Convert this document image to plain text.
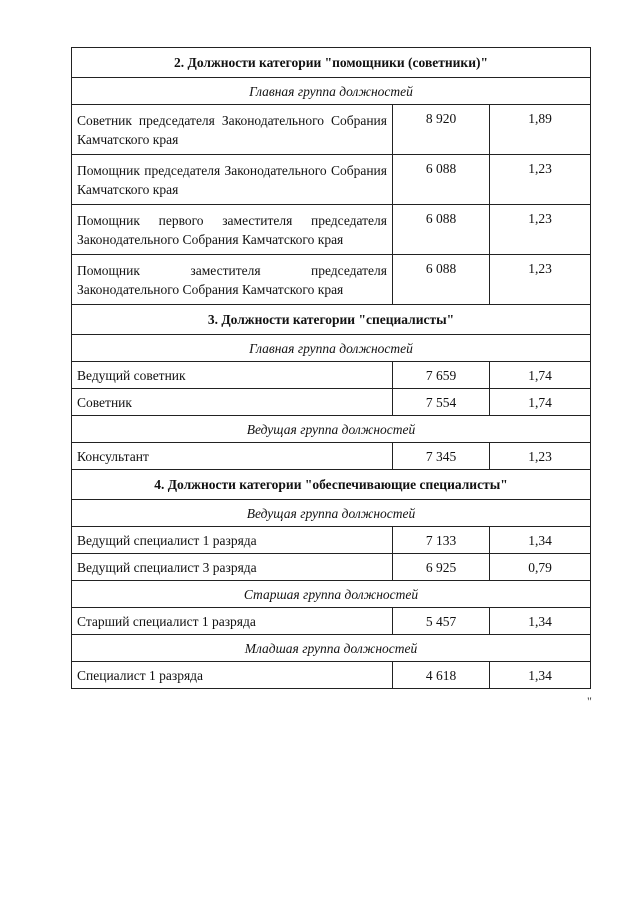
2. Должности категории "помощники (советники)"		
Главная группа должностей		
Советник председателя Законодательного Собрания Камчатского края	8 920	1,89
Помощник председателя Законодательного Собрания Камчатского края	6 088	1,23
Помощник первого заместителя председателя Законодательного Собрания Камчатского края	6 088	1,23
Помощник заместителя председателя Законодательного Собрания Камчатского края	6 088	1,23
3. Должности категории "специалисты"		
Главная группа должностей		
Ведущий советник	7 659	1,74
Советник	7 554	1,74
Ведущая группа должностей		
Консультант	7 345	1,23
4. Должности категории "обеспечивающие специалисты"		
Ведущая группа должностей		
Ведущий специалист 1 разряда	7 133	1,34
Ведущий специалист 3 разряда	6 925	0,79
Старшая группа должностей		
Старший специалист 1 разряда	5 457	1,34
Младшая группа должностей		
Специалист 1 разряда	4 618	1,34
"
